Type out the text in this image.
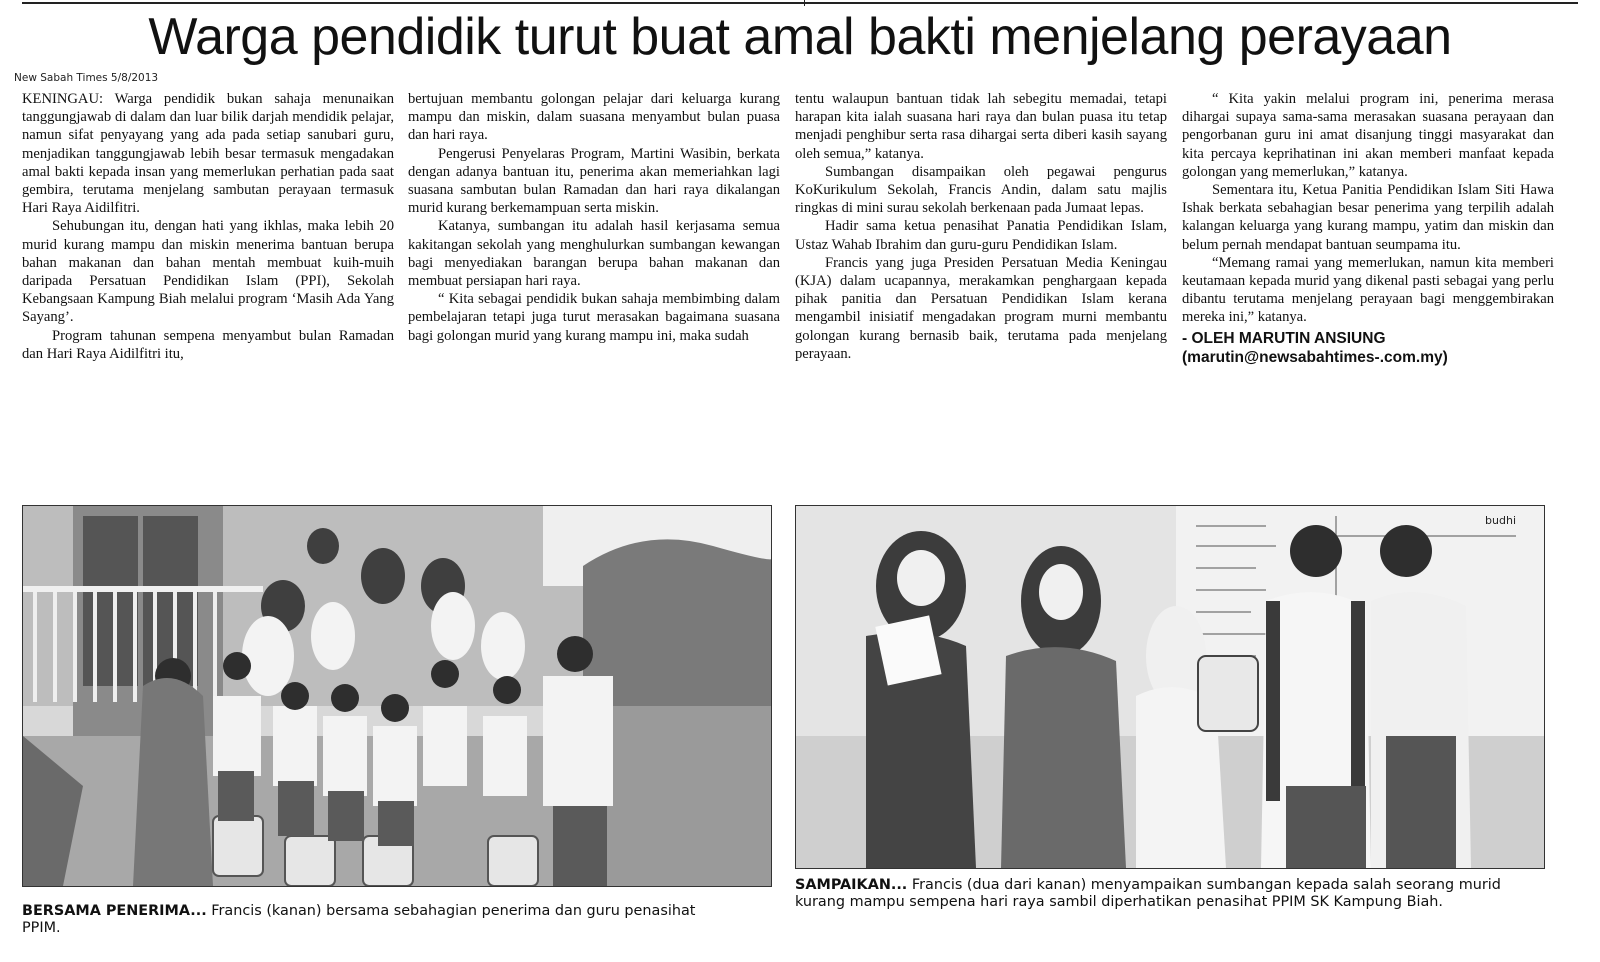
Warga pendidik turut buat amal bakti menjelang perayaan
New Sabah Times 5/8/2013

KENINGAU: Warga pendidik bukan sahaja menunaikan tanggungjawab di dalam dan luar bilik darjah mendidik pelajar, namun sifat penyayang yang ada pada setiap sanubari guru, menjadikan tanggungjawab lebih besar termasuk mengadakan amal bakti kepada insan yang memerlukan perhatian pada saat gembira, terutama menjelang sambutan perayaan termasuk Hari Raya Aidilfitri.

Sehubungan itu, dengan hati yang ikhlas, maka lebih 20 murid kurang mampu dan miskin menerima bantuan berupa bahan makanan dan bahan mentah membuat kuih-muih daripada Persatuan Pendidikan Islam (PPI), Sekolah Kebangsaan Kampung Biah melalui program ‘Masih Ada Yang Sayang’.

Program tahunan sempena menyambut bulan Ramadan dan Hari Raya Aidilfitri itu,

bertujuan membantu golongan pelajar dari keluarga kurang mampu dan miskin, dalam suasana menyambut bulan puasa dan hari raya.

Pengerusi Penyelaras Program, Martini Wasibin, berkata dengan adanya bantuan itu, penerima akan memeriahkan lagi suasana sambutan bulan Ramadan dan hari raya dikalangan murid kurang berkemampuan serta miskin.

Katanya, sumbangan itu adalah hasil kerjasama semua kakitangan sekolah yang menghulurkan sumbangan kewangan bagi menyediakan barangan berupa bahan makanan dan membuat persiapan hari raya.

“ Kita sebagai pendidik bukan sahaja membimbing dalam pembelajaran tetapi juga turut merasakan bagaimana suasana bagi golongan murid yang kurang mampu ini, maka sudah

tentu walaupun bantuan tidak lah sebegitu memadai, tetapi harapan kita ialah suasana hari raya dan bulan puasa itu tetap menjadi penghibur serta rasa dihargai serta diberi kasih sayang oleh semua,” katanya.

Sumbangan disampaikan oleh pegawai pengurus KoKurikulum Sekolah, Francis Andin, dalam satu majlis ringkas di mini surau sekolah berkenaan pada Jumaat lepas.

Hadir sama ketua penasihat Panatia Pendidikan Islam, Ustaz Wahab Ibrahim dan guru-guru Pendidikan Islam.

Francis yang juga Presiden Persatuan Media Keningau (KJA) dalam ucapannya, merakamkan penghargaan kepada pihak panitia dan Persatuan Pendidikan Islam kerana mengambil inisiatif mengadakan program murni membantu golongan kurang bernasib baik, terutama pada menjelang perayaan.

“ Kita yakin melalui program ini, penerima merasa dihargai supaya sama-sama merasakan suasana perayaan dan pengorbanan guru ini amat disanjung tinggi masyarakat dan kita percaya keprihatinan ini akan memberi manfaat kepada golongan yang memerlukan,” katanya.

Sementara itu, Ketua Panitia Pendidikan Islam Siti Hawa Ishak berkata sebahagian besar penerima yang terpilih adalah kalangan keluarga yang kurang mampu, yatim dan miskin dan belum pernah mendapat bantuan seumpama itu.

“Memang ramai yang memerlukan, namun kita memberi keutamaan kepada murid yang dikenal pasti sebagai yang perlu dibantu terutama menjelang perayaan bagi menggembirakan mereka ini,” katanya.

- OLEH MARUTIN ANSIUNG (marutin@newsabahtimes-.com.my)
BERSAMA PENERIMA... Francis (kanan) bersama sebahagian penerima dan guru penasihat PPIM.
budhi
SAMPAIKAN... Francis (dua dari kanan) menyampaikan sumbangan kepada salah seorang murid kurang mampu sempena hari raya sambil diperhatikan penasihat PPIM SK Kampung Biah.
